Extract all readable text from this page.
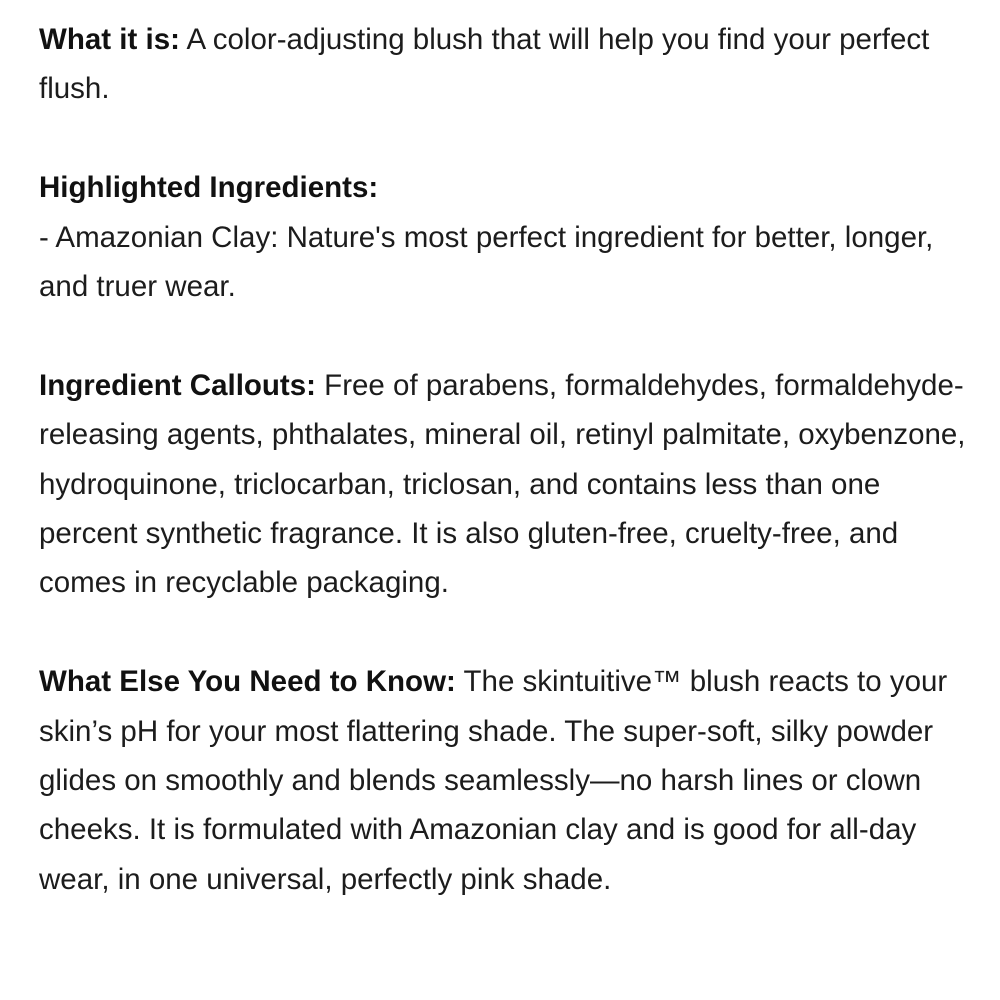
What it is: A color-adjusting blush that will help you find your perfect flush.

Highlighted Ingredients:
- Amazonian Clay: Nature's most perfect ingredient for better, longer, and truer wear.

Ingredient Callouts: Free of parabens, formaldehydes, formaldehyde-releasing agents, phthalates, mineral oil, retinyl palmitate, oxybenzone, hydroquinone, triclocarban, triclosan, and contains less than one percent synthetic fragrance. It is also gluten-free, cruelty-free, and comes in recyclable packaging.

What Else You Need to Know: The skintuitive™ blush reacts to your skin’s pH for your most flattering shade. The super-soft, silky powder glides on smoothly and blends seamlessly—no harsh lines or clown cheeks. It is formulated with Amazonian clay and is good for all-day wear, in one universal, perfectly pink shade.
